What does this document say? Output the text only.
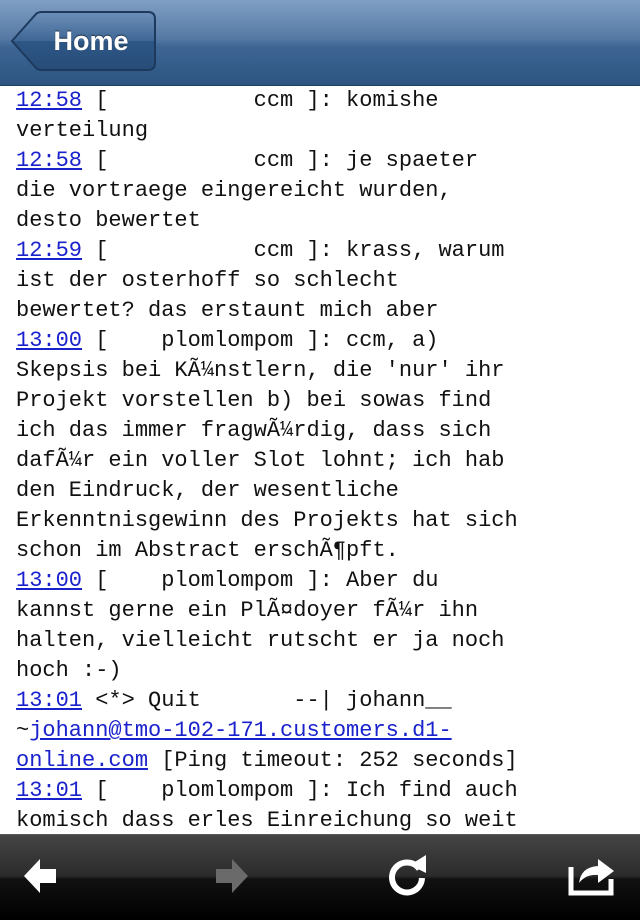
Home
12:58 [           ccm ]: komishe
verteilung
12:58 [           ccm ]: je spaeter
die vortraege eingereicht wurden,
desto bewertet
12:59 [           ccm ]: krass, warum
ist der osterhoff so schlecht
bewertet? das erstaunt mich aber
13:00 [    plomlompom ]: ccm, a)
Skepsis bei KÃ¼nstlern, die 'nur' ihr
Projekt vorstellen b) bei sowas find
ich das immer fragwÃ¼rdig, dass sich
dafÃ¼r ein voller Slot lohnt; ich hab
den Eindruck, der wesentliche
Erkenntnisgewinn des Projekts hat sich
schon im Abstract erschÃ¶pft.
13:00 [    plomlompom ]: Aber du
kannst gerne ein PlÃ¤doyer fÃ¼r ihn
halten, vielleicht rutscht er ja noch
hoch :-)
13:01 <*> Quit       --| johann__
~johann@tmo-102-171.customers.d1-
online.com [Ping timeout: 252 seconds]
13:01 [    plomlompom ]: Ich find auch
komisch dass erles Einreichung so weit
